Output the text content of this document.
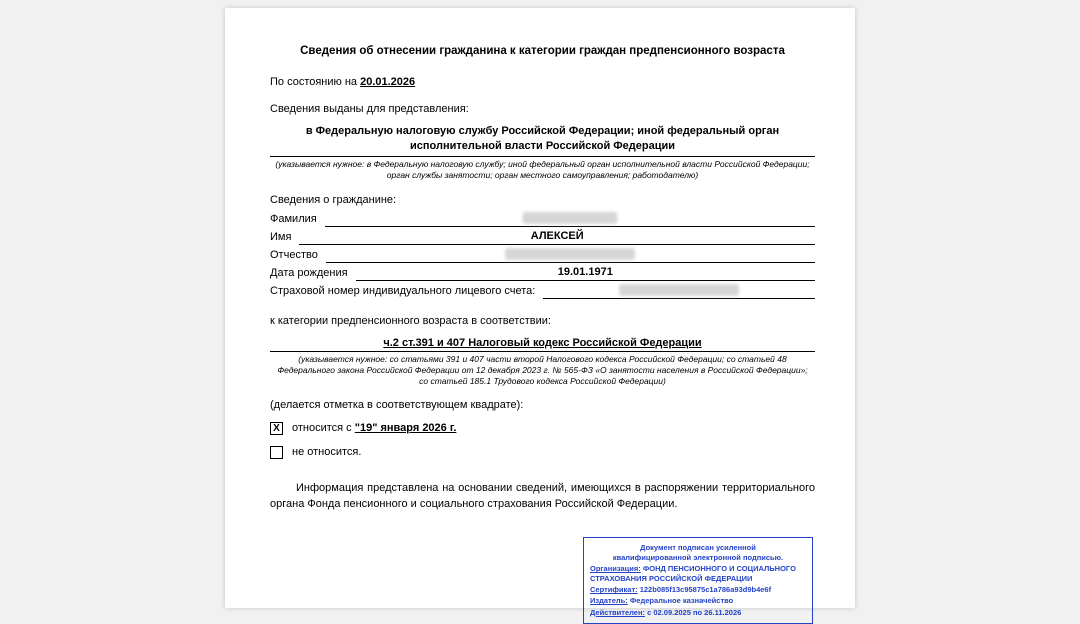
Сведения об отнесении гражданина к категории граждан предпенсионного возраста
По состоянию на 20.01.2026
Сведения выданы для представления:
в Федеральную налоговую службу Российской Федерации; иной федеральный орган исполнительной власти Российской Федерации
(указывается нужное: в Федеральную налоговую службу; иной федеральный орган исполнительной власти Российской Федерации; орган службы занятости; орган местного самоуправления; работодателю)
Сведения о гражданине:
Фамилия
Имя	АЛЕКСЕЙ
Отчество
Дата рождения	19.01.1971
Страховой номер индивидуального лицевого счета:
к категории предпенсионного возраста в соответствии:
ч.2 ст.391 и 407 Налоговый кодекс Российской Федерации
(указывается нужное: со статьями 391 и 407 части второй Налогового кодекса Российской Федерации; со статьей 48 Федерального закона Российской Федерации от 12 декабря 2023 г. № 565-ФЗ «О занятости населения в Российской Федерации»; со статьей 185.1 Трудового кодекса Российской Федерации)
(делается отметка в соответствующем квадрате):
X относится с "19" января 2026 г.
не относится.
Информация представлена на основании сведений, имеющихся в распоряжении территориального органа Фонда пенсионного и социального страхования Российской Федерации.
Документ подписан усиленной квалифицированной электронной подписью.
Организация: ФОНД ПЕНСИОННОГО И СОЦИАЛЬНОГО СТРАХОВАНИЯ РОССИЙСКОЙ ФЕДЕРАЦИИ
Сертификат: 122b085f13c95875c1a786a93d9b4e6f
Издатель: Федеральное казначейство
Действителен: с 02.09.2025 по 26.11.2026
